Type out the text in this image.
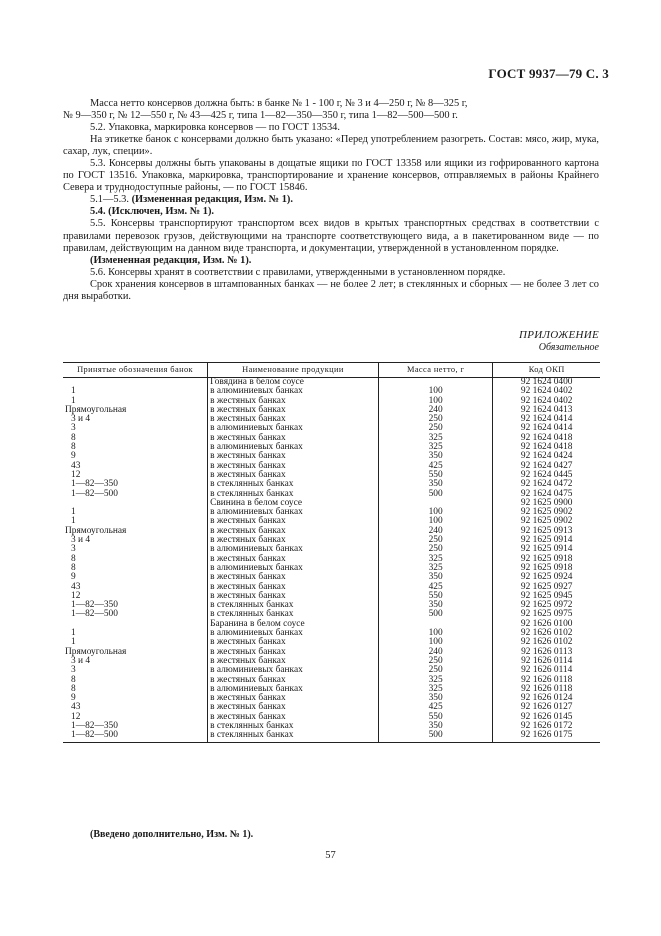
ГОСТ 9937—79 С. 3

Масса нетто консервов должна быть: в банке № 1 - 100 г, № 3 и 4—250 г, № 8—325 г,

№ 9—350 г, № 12—550 г, № 43—425 г, типа 1—82—350—350 г, типа 1—82—500—500 г.

5.2. Упаковка, маркировка консервов — по ГОСТ 13534.

На этикетке банок с консервами должно быть указано: «Перед употреблением разогреть. Состав: мясо, жир, мука, сахар, лук, специи».

5.3. Консервы должны быть упакованы в дощатые ящики по ГОСТ 13358 или ящики из гофрированного картона по ГОСТ 13516. Упаковка, маркировка, транспортирование и хранение консервов, отправляемых в районы Крайнего Севера и труднодоступные районы, — по ГОСТ 15846.

5.1—5.3. (Измененная редакция, Изм. № 1).

5.4. (Исключен, Изм. № 1).

5.5. Консервы транспортируют транспортом всех видов в крытых транспортных средствах в соответствии с правилами перевозок грузов, действующими на транспорте соответствующего вида, а в пакетированном виде — по правилам, действующим на данном виде транспорта, и документации, утвержденной в установленном порядке.

(Измененная редакция, Изм. № 1).

5.6. Консервы хранят в соответствии с правилами, утвержденными в установленном порядке.

Срок хранения консервов в штампованных банках — не более 2 лет; в стеклянных и сборных — не более 3 лет со дня выработки.

ПРИЛОЖЕНИЕ
Обязательное
Принятые обозначения банок	Наименование продукции	Масса нетто, г	Код ОКП
	Говядина в белом соусе		92 1624 0400
1	в алюминиевых банках	100	92 1624 0402
1	в жестяных банках	100	92 1624 0402
Прямоугольная	в жестяных банках	240	92 1624 0413
3 и 4	в жестяных банках	250	92 1624 0414
3	в алюминиевых банках	250	92 1624 0414
8	в жестяных банках	325	92 1624 0418
8	в алюминиевых банках	325	92 1624 0418
9	в жестяных банках	350	92 1624 0424
43	в жестяных банках	425	92 1624 0427
12	в жестяных банках	550	92 1624 0445
1—82—350	в стеклянных банках	350	92 1624 0472
1—82—500	в стеклянных банках	500	92 1624 0475
	Свинина в белом соусе		92 1625 0900
1	в алюминиевых банках	100	92 1625 0902
1	в жестяных банках	100	92 1625 0902
Прямоугольная	в жестяных банках	240	92 1625 0913
3 и 4	в жестяных банках	250	92 1625 0914
3	в алюминиевых банках	250	92 1625 0914
8	в жестяных банках	325	92 1625 0918
8	в алюминиевых банках	325	92 1625 0918
9	в жестяных банках	350	92 1625 0924
43	в жестяных банках	425	92 1625 0927
12	в жестяных банках	550	92 1625 0945
1—82—350	в стеклянных банках	350	92 1625 0972
1—82—500	в стеклянных банках	500	92 1625 0975
	Баранина в белом соусе		92 1626 0100
1	в алюминиевых банках	100	92 1626 0102
1	в жестяных банках	100	92 1626 0102
Прямоугольная	в жестяных банках	240	92 1626 0113
3 и 4	в жестяных банках	250	92 1626 0114
3	в алюминиевых банках	250	92 1626 0114
8	в жестяных банках	325	92 1626 0118
8	в алюминиевых банках	325	92 1626 0118
9	в жестяных банках	350	92 1626 0124
43	в жестяных банках	425	92 1626 0127
12	в жестяных банках	550	92 1626 0145
1—82—350	в стеклянных банках	350	92 1626 0172
1—82—500	в стеклянных банках	500	92 1626 0175
(Введено дополнительно, Изм. № 1).
57
